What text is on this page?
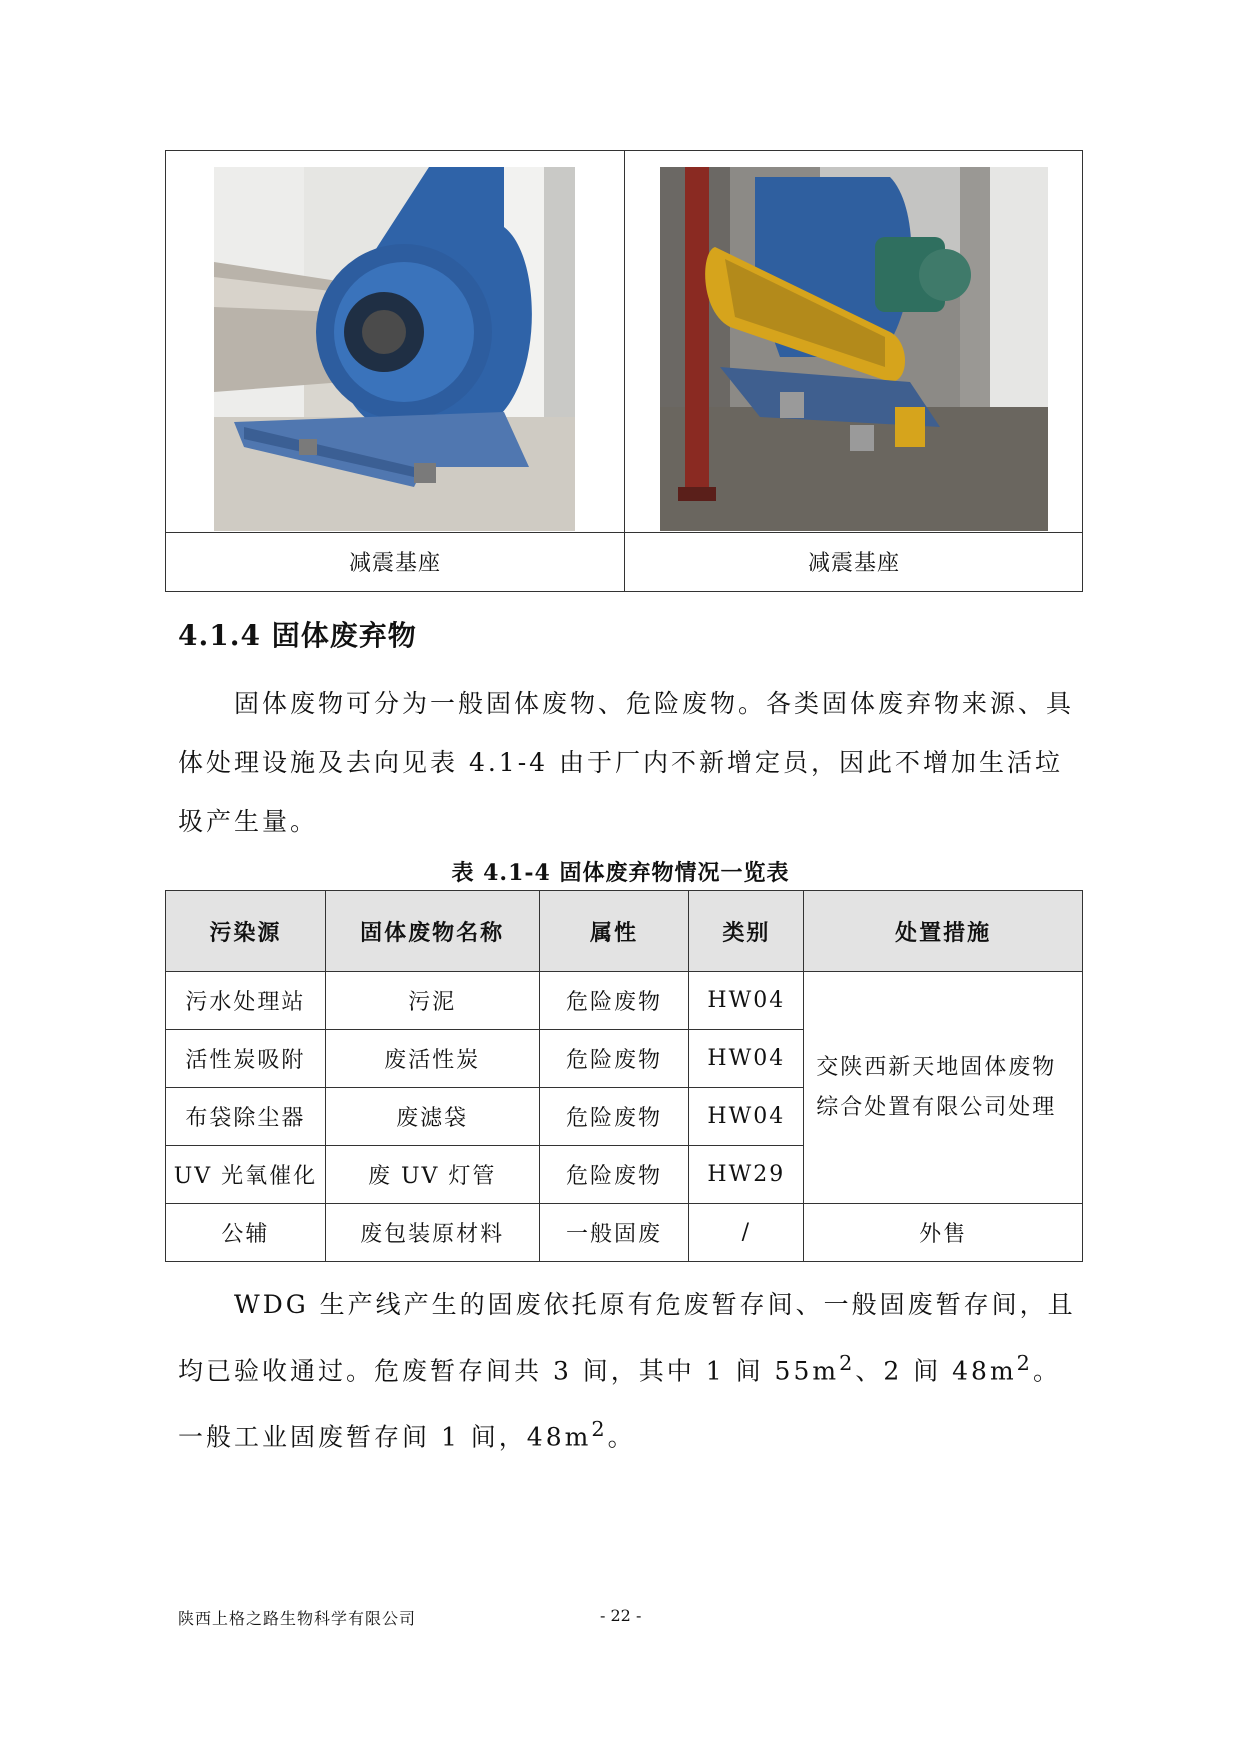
减震基座	减震基座
4.1.4 固体废弃物

固体废物可分为一般固体废物、危险废物。各类固体废弃物来源、具体处理设施及去向见表 4.1-4 由于厂内不新增定员，因此不增加生活垃圾产生量。

表 4.1-4 固体废弃物情况一览表
污染源	固体废物名称	属性	类别	处置措施
污水处理站	污泥	危险废物	HW04	交陕西新天地固体废物综合处置有限公司处理
活性炭吸附	废活性炭	危险废物	HW04	
布袋除尘器	废滤袋	危险废物	HW04	
UV 光氧催化	废 UV 灯管	危险废物	HW29	
公辅	废包装原材料	一般固废	/	外售

WDG 生产线产生的固废依托原有危废暂存间、一般固废暂存间，且均已验收通过。危废暂存间共 3 间，其中 1 间 $55m^2$、2 间 $48m^2$。一般工业固废暂存间 1 间，$48m^2$。

陕西上格之路生物科学有限公司	- 22 -
